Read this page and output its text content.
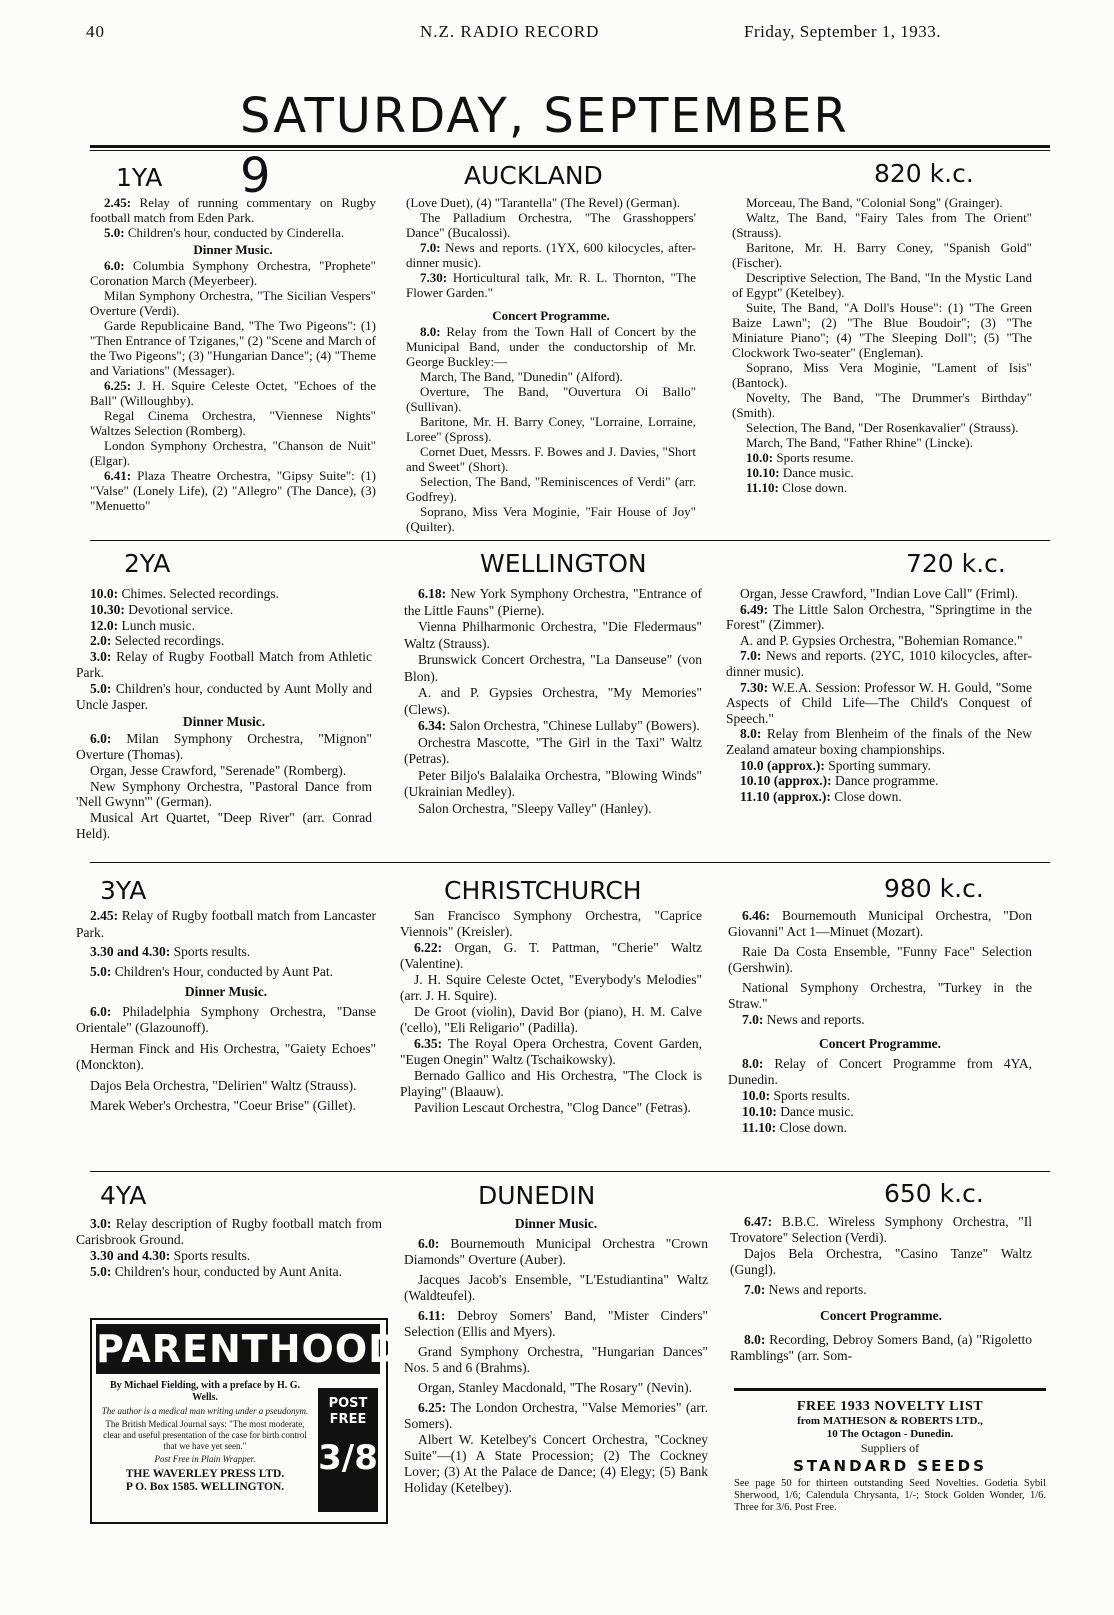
40	N.Z. RADIO RECORD	Friday, September 1, 1933.
SATURDAY, SEPTEMBER 9
1YA	AUCKLAND	820 k.c.

2.45: Relay of running commentary on Rugby football match from Eden Park.

5.0: Children's hour, conducted by Cinderella.

Dinner Music.

6.0: Columbia Symphony Orchestra, "Prophete" Coronation March (Meyerbeer).

Milan Symphony Orchestra, "The Sicilian Vespers" Overture (Verdi).

Garde Republicaine Band, "The Two Pigeons": (1) "Then Entrance of Tziganes," (2) "Scene and March of the Two Pigeons"; (3) "Hungarian Dance"; (4) "Theme and Variations" (Messager).

6.25: J. H. Squire Celeste Octet, "Echoes of the Ball" (Willoughby).

Regal Cinema Orchestra, "Viennese Nights" Waltzes Selection (Romberg).

London Symphony Orchestra, "Chanson de Nuit" (Elgar).

6.41: Plaza Theatre Orchestra, "Gipsy Suite": (1) "Valse" (Lonely Life), (2) "Allegro" (The Dance), (3) "Menuetto"

(Love Duet), (4) "Tarantella" (The Revel) (German).

The Palladium Orchestra, "The Grasshoppers' Dance" (Bucalossi).

7.0: News and reports. (1YX, 600 kilocycles, after-dinner music).

7.30: Horticultural talk, Mr. R. L. Thornton, "The Flower Garden."

Concert Programme.

8.0: Relay from the Town Hall of Concert by the Municipal Band, under the conductorship of Mr. George Buckley:—

March, The Band, "Dunedin" (Alford).

Overture, The Band, "Ouvertura Oi Ballo" (Sullivan).

Baritone, Mr. H. Barry Coney, "Lorraine, Lorraine, Loree" (Spross).

Cornet Duet, Messrs. F. Bowes and J. Davies, "Short and Sweet" (Short).

Selection, The Band, "Reminiscences of Verdi" (arr. Godfrey).

Soprano, Miss Vera Moginie, "Fair House of Joy" (Quilter).

Morceau, The Band, "Colonial Song" (Grainger).

Waltz, The Band, "Fairy Tales from The Orient" (Strauss).

Baritone, Mr. H. Barry Coney, "Spanish Gold" (Fischer).

Descriptive Selection, The Band, "In the Mystic Land of Egypt" (Ketelbey).

Suite, The Band, "A Doll's House": (1) "The Green Baize Lawn"; (2) "The Blue Boudoir"; (3) "The Miniature Piano"; (4) "The Sleeping Doll"; (5) "The Clockwork Two-seater" (Engleman).

Soprano, Miss Vera Moginie, "Lament of Isis" (Bantock).

Novelty, The Band, "The Drummer's Birthday" (Smith).

Selection, The Band, "Der Rosenkavalier" (Strauss).

March, The Band, "Father Rhine" (Lincke).

10.0: Sports resume.

10.10: Dance music.

11.10: Close down.

2YA	WELLINGTON	720 k.c.

10.0: Chimes. Selected recordings.

10.30: Devotional service.

12.0: Lunch music.

2.0: Selected recordings.

3.0: Relay of Rugby Football Match from Athletic Park.

5.0: Children's hour, conducted by Aunt Molly and Uncle Jasper.

Dinner Music.

6.0: Milan Symphony Orchestra, "Mignon" Overture (Thomas).

Organ, Jesse Crawford, "Serenade" (Romberg).

New Symphony Orchestra, "Pastoral Dance from 'Nell Gwynn'" (German).

Musical Art Quartet, "Deep River" (arr. Conrad Held).

6.18: New York Symphony Orchestra, "Entrance of the Little Fauns" (Pierne).

Vienna Philharmonic Orchestra, "Die Fledermaus" Waltz (Strauss).

Brunswick Concert Orchestra, "La Danseuse" (von Blon).

A. and P. Gypsies Orchestra, "My Memories" (Clews).

6.34: Salon Orchestra, "Chinese Lullaby" (Bowers).

Orchestra Mascotte, "The Girl in the Taxi" Waltz (Petras).

Peter Biljo's Balalaika Orchestra, "Blowing Winds" (Ukrainian Medley).

Salon Orchestra, "Sleepy Valley" (Hanley).

Organ, Jesse Crawford, "Indian Love Call" (Friml).

6.49: The Little Salon Orchestra, "Springtime in the Forest" (Zimmer).

A. and P. Gypsies Orchestra, "Bohemian Romance."

7.0: News and reports. (2YC, 1010 kilocycles, after-dinner music).

7.30: W.E.A. Session: Professor W. H. Gould, "Some Aspects of Child Life—The Child's Conquest of Speech."

8.0: Relay from Blenheim of the finals of the New Zealand amateur boxing championships.

10.0 (approx.): Sporting summary.

10.10 (approx.): Dance programme.

11.10 (approx.): Close down.

3YA	CHRISTCHURCH	980 k.c.

2.45: Relay of Rugby football match from Lancaster Park.

3.30 and 4.30: Sports results.

5.0: Children's Hour, conducted by Aunt Pat.

Dinner Music.

6.0: Philadelphia Symphony Orchestra, "Danse Orientale" (Glazounoff).

Herman Finck and His Orchestra, "Gaiety Echoes" (Monckton).

Dajos Bela Orchestra, "Delirien" Waltz (Strauss).

Marek Weber's Orchestra, "Coeur Brise" (Gillet).

San Francisco Symphony Orchestra, "Caprice Viennois" (Kreisler).

6.22: Organ, G. T. Pattman, "Cherie" Waltz (Valentine).

J. H. Squire Celeste Octet, "Everybody's Melodies" (arr. J. H. Squire).

De Groot (violin), David Bor (piano), H. M. Calve ('cello), "Eli Religario" (Padilla).

6.35: The Royal Opera Orchestra, Covent Garden, "Eugen Onegin" Waltz (Tschaikowsky).

Bernado Gallico and His Orchestra, "The Clock is Playing" (Blaauw).

Pavilion Lescaut Orchestra, "Clog Dance" (Fetras).

6.46: Bournemouth Municipal Orchestra, "Don Giovanni" Act 1—Minuet (Mozart).

Raie Da Costa Ensemble, "Funny Face" Selection (Gershwin).

National Symphony Orchestra, "Turkey in the Straw."

7.0: News and reports.

Concert Programme.

8.0: Relay of Concert Programme from 4YA, Dunedin.

10.0: Sports results.

10.10: Dance music.

11.10: Close down.

4YA	DUNEDIN	650 k.c.

3.0: Relay description of Rugby football match from Carisbrook Ground.

3.30 and 4.30: Sports results.

5.0: Children's hour, conducted by Aunt Anita.

Dinner Music.

6.0: Bournemouth Municipal Orchestra "Crown Diamonds" Overture (Auber).

Jacques Jacob's Ensemble, "L'Estudiantina" Waltz (Waldteufel).

6.11: Debroy Somers' Band, "Mister Cinders" Selection (Ellis and Myers).

Grand Symphony Orchestra, "Hungarian Dances" Nos. 5 and 6 (Brahms).

Organ, Stanley Macdonald, "The Rosary" (Nevin).

6.25: The London Orchestra, "Valse Memories" (arr. Somers).

Albert W. Ketelbey's Concert Orchestra, "Cockney Suite"—(1) A State Procession; (2) The Cockney Lover; (3) At the Palace de Dance; (4) Elegy; (5) Bank Holiday (Ketelbey).

6.47: B.B.C. Wireless Symphony Orchestra, "Il Trovatore" Selection (Verdi).

Dajos Bela Orchestra, "Casino Tanze" Waltz (Gungl).

7.0: News and reports.

Concert Programme.

8.0: Recording, Debroy Somers Band, (a) "Rigoletto Ramblings" (arr. Som-

PARENTHOOD
By Michael Fielding, with a preface by H. G. Wells.
The author is a medical man writing under a pseudonym.
The British Medical Journal says: "The most moderate, clear and useful presentation of the case for birth control that we have yet seen."
Post Free in Plain Wrapper.
THE WAVERLEY PRESS LTD.
P O. Box 1585. WELLINGTON.
POST FREE
3/8
FREE 1933 NOVELTY LIST
from MATHESON & ROBERTS LTD.,
10 The Octagon - Dunedin.
Suppliers of
STANDARD SEEDS
See page 50 for thirteen outstanding Seed Novelties. Godetia Sybil Sherwood, 1/6; Calendula Chrysanta, 1/-; Stock Golden Wonder, 1/6. Three for 3/6. Post Free.
